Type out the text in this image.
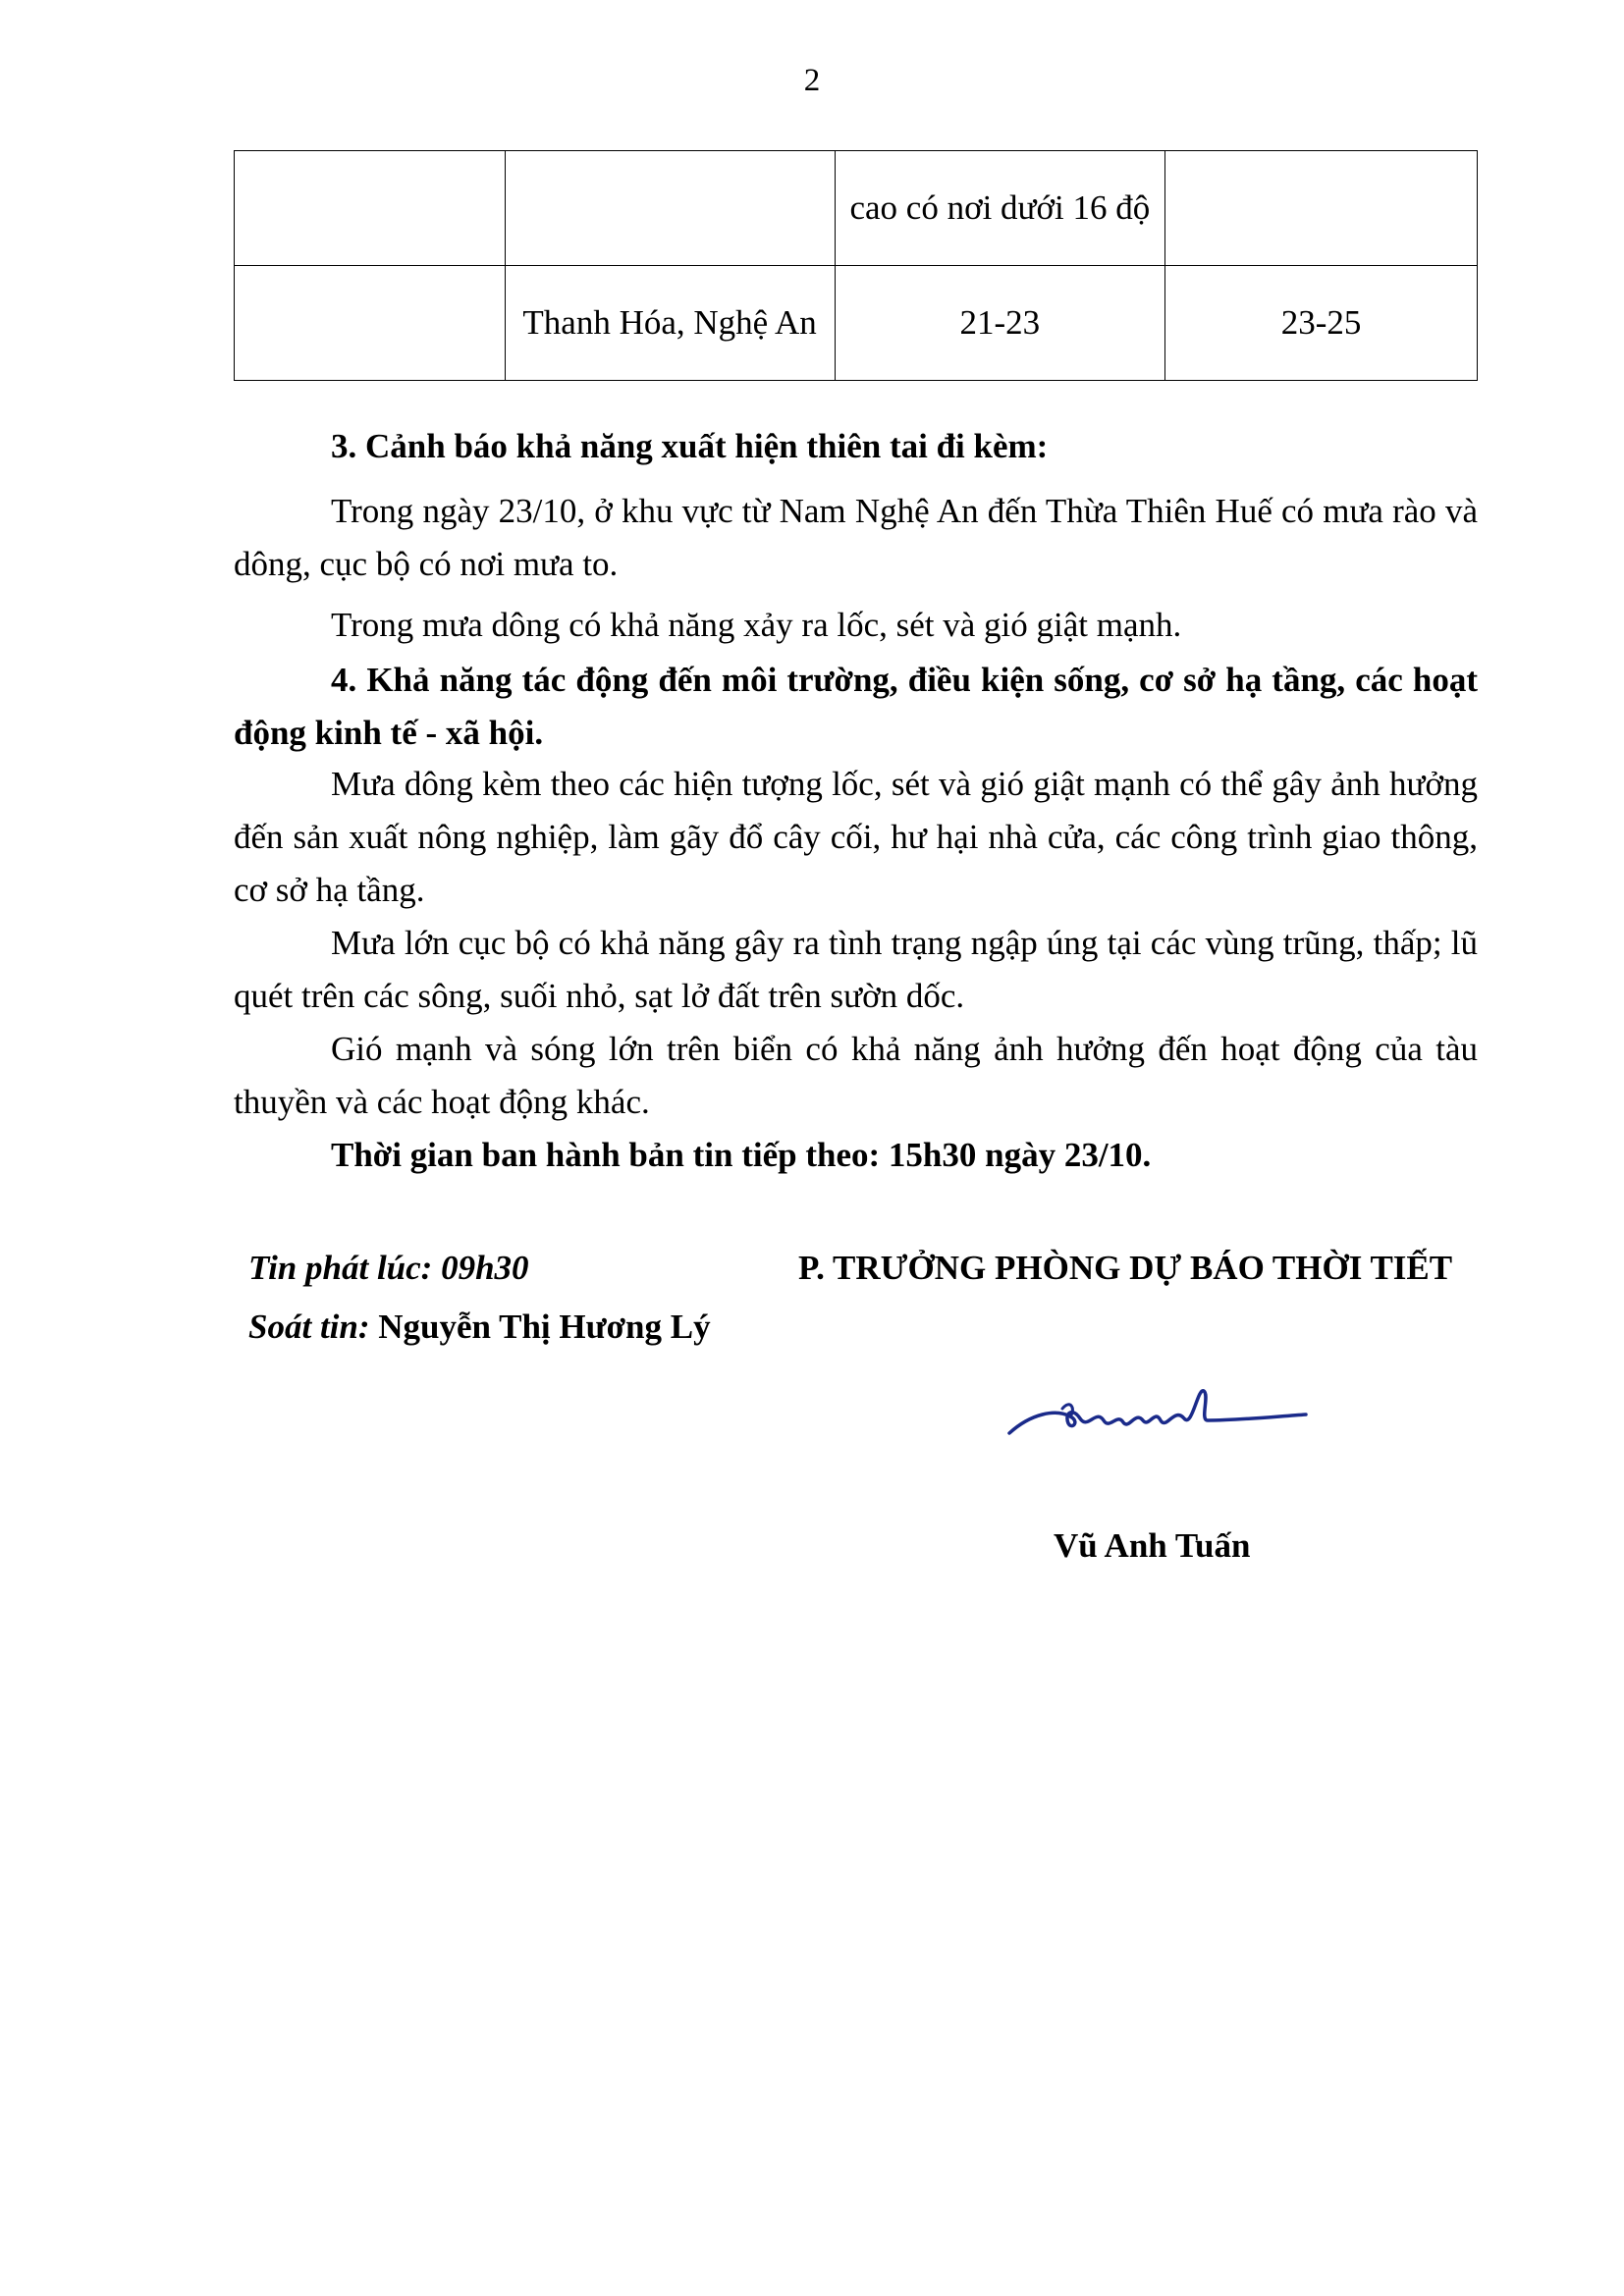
2
		cao có nơi dưới 16 độ	
	Thanh Hóa, Nghệ An	21-23	23-25

3. Cảnh báo khả năng xuất hiện thiên tai đi kèm:

Trong ngày 23/10, ở khu vực từ Nam Nghệ An đến Thừa Thiên Huế có mưa rào và dông, cục bộ có nơi mưa to.

Trong mưa dông có khả năng xảy ra lốc, sét và gió giật mạnh.

4. Khả năng tác động đến môi trường, điều kiện sống, cơ sở hạ tầng, các hoạt động kinh tế - xã hội.

Mưa dông kèm theo các hiện tượng lốc, sét và gió giật mạnh có thể gây ảnh hưởng đến sản xuất nông nghiệp, làm gãy đổ cây cối, hư hại nhà cửa, các công trình giao thông, cơ sở hạ tầng.

Mưa lớn cục bộ có khả năng gây ra tình trạng ngập úng tại các vùng trũng, thấp; lũ quét trên các sông, suối nhỏ, sạt lở đất trên sườn dốc.

Gió mạnh và sóng lớn trên biển có khả năng ảnh hưởng đến hoạt động của tàu thuyền và các hoạt động khác.

Thời gian ban hành bản tin tiếp theo: 15h30 ngày 23/10.

Tin phát lúc: 09h30
Soát tin: Nguyễn Thị Hương Lý
P. TRƯỞNG PHÒNG DỰ BÁO THỜI TIẾT
Vũ Anh Tuấn
